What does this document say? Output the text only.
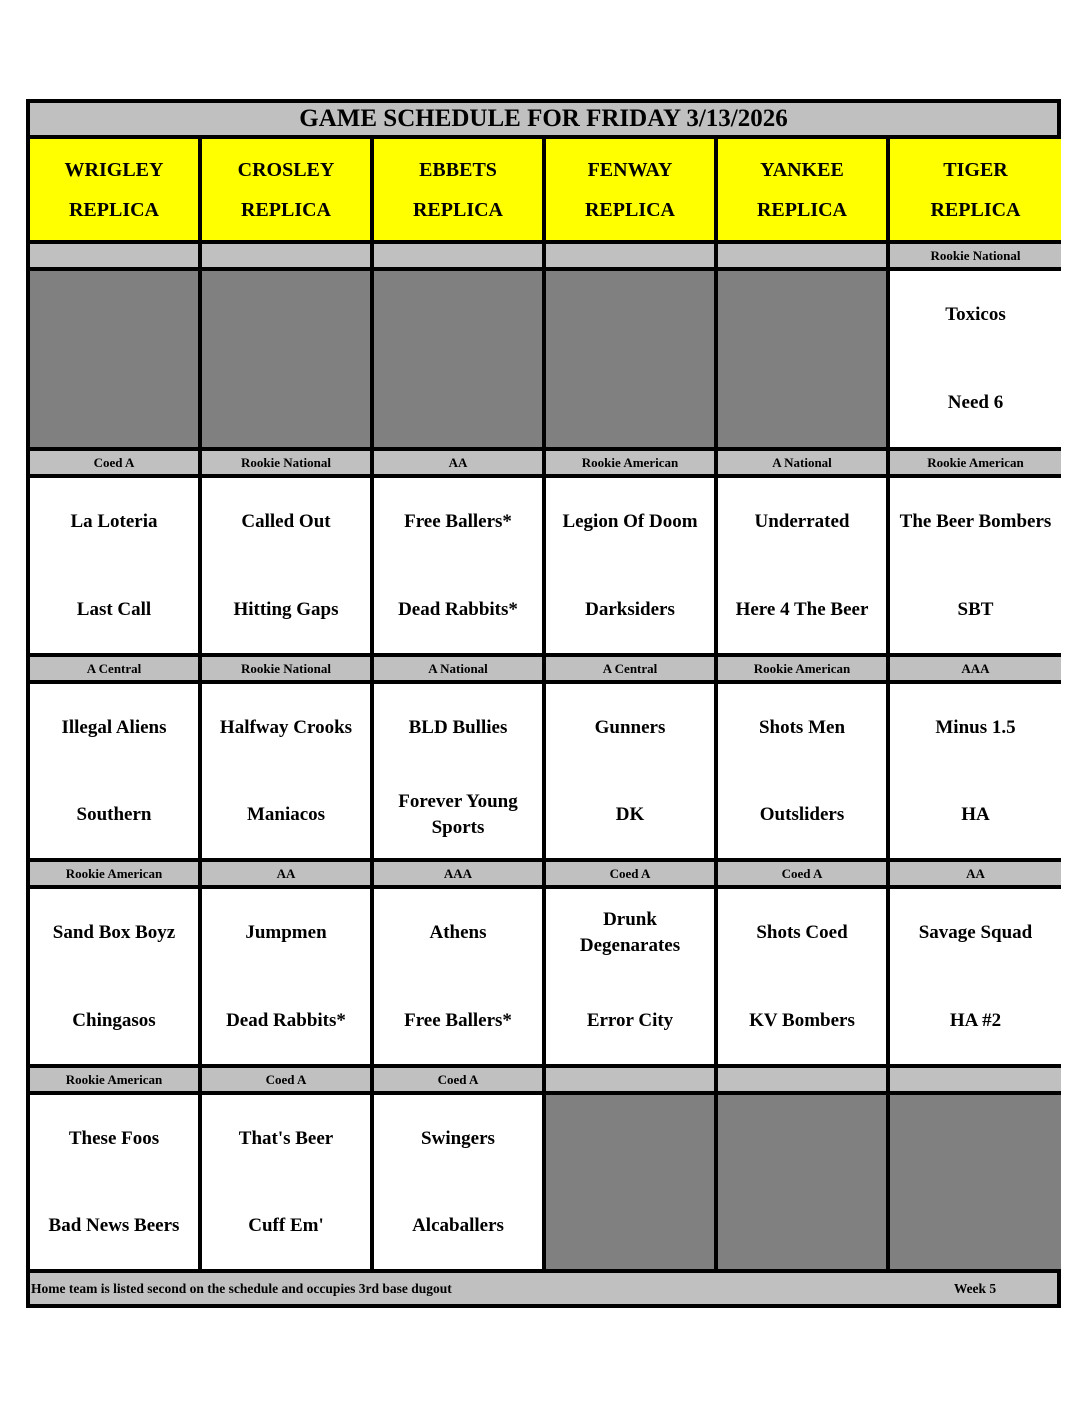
GAME SCHEDULE FOR FRIDAY 3/13/2026
WRIGLEY
REPLICA
CROSLEY
REPLICA
EBBETS
REPLICA
FENWAY
REPLICA
YANKEE
REPLICA
TIGER
REPLICA
Rookie National
Toxicos
Need 6
Coed A
La Loteria
Last Call
Rookie National
Called Out
Hitting Gaps
AA
Free Ballers*
Dead Rabbits*
Rookie American
Legion Of Doom
Darksiders
A National
Underrated
Here 4 The Beer
Rookie American
The Beer Bombers
SBT
A Central
Illegal Aliens
Southern
Rookie National
Halfway Crooks
Maniacos
A National
BLD Bullies
Forever Young Sports
A Central
Gunners
DK
Rookie American
Shots Men
Outsliders
AAA
Minus 1.5
HA
Rookie American
Sand Box Boyz
Chingasos
AA
Jumpmen
Dead Rabbits*
AAA
Athens
Free Ballers*
Coed A
Drunk Degenarates
Error City
Coed A
Shots Coed
KV Bombers
AA
Savage Squad
HA #2
Rookie American
These Foos
Bad News Beers
Coed A
That's Beer
Cuff Em'
Coed A
Swingers
Alcaballers
Home team is listed second on the schedule and occupies 3rd base dugout	Week 5
